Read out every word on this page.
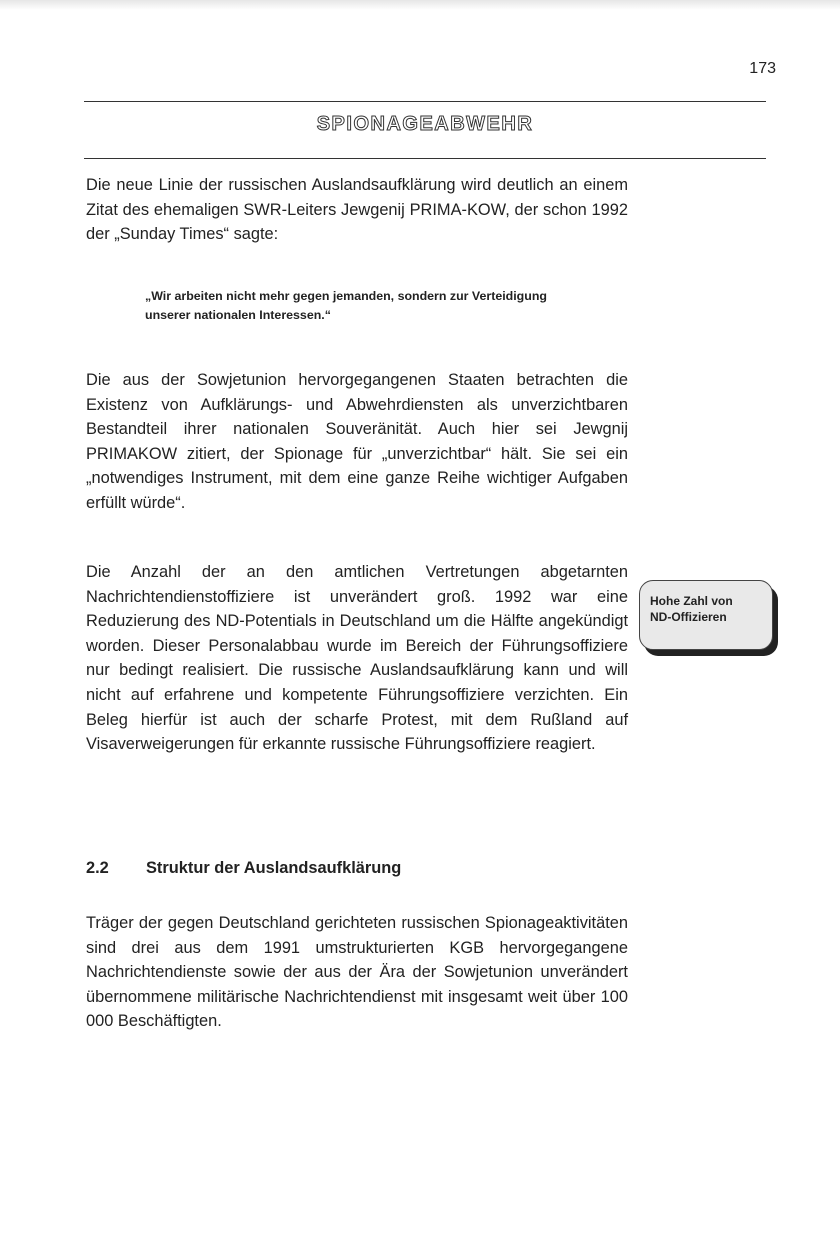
173
SPIONAGEABWEHR
Die neue Linie der russischen Auslandsaufklärung wird deutlich an einem Zitat des ehemaligen SWR-Leiters Jewgenij PRIMA-KOW, der schon 1992 der „Sunday Times“ sagte:
„Wir arbeiten nicht mehr gegen jemanden, sondern zur Verteidigung unserer nationalen Interessen.“
Die aus der Sowjetunion hervorgegangenen Staaten betrachten die Existenz von Aufklärungs- und Abwehrdiensten als unverzichtbaren Bestandteil ihrer nationalen Souveränität. Auch hier sei Jewgnij PRIMAKOW zitiert, der Spionage für „unverzichtbar“ hält. Sie sei ein „notwendiges Instrument, mit dem eine ganze Reihe wichtiger Aufgaben erfüllt würde“.
Die Anzahl der an den amtlichen Vertretungen abgetarnten Nachrichtendienstoffiziere ist unverändert groß. 1992 war eine Reduzierung des ND-Potentials in Deutschland um die Hälfte angekündigt worden. Dieser Personalabbau wurde im Bereich der Führungsoffiziere nur bedingt realisiert. Die russische Auslandsaufklärung kann und will nicht auf erfahrene und kompetente Führungsoffiziere verzichten. Ein Beleg hierfür ist auch der scharfe Protest, mit dem Rußland auf Visaverweigerungen für erkannte russische Führungsoffiziere reagiert.
Hohe Zahl von
ND-Offizieren
2.2 Struktur der Auslandsaufklärung
Träger der gegen Deutschland gerichteten russischen Spionageaktivitäten sind drei aus dem 1991 umstrukturierten KGB hervorgegangene Nachrichtendienste sowie der aus der Ära der Sowjetunion unverändert übernommene militärische Nachrichtendienst mit insgesamt weit über 100 000 Beschäftigten.
